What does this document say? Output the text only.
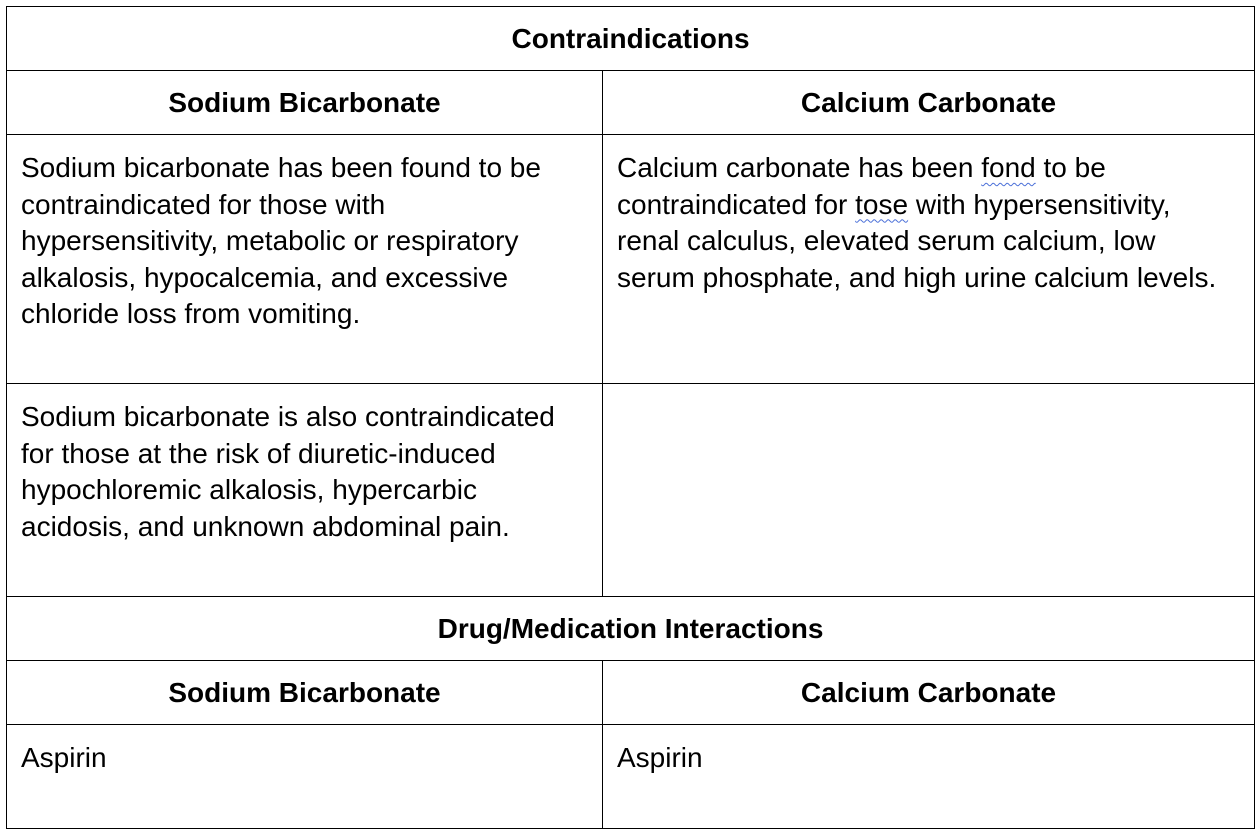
Contraindications	
Sodium Bicarbonate	Calcium Carbonate
Sodium bicarbonate has been found to be contraindicated for those with hypersensitivity, metabolic or respiratory alkalosis, hypocalcemia, and excessive chloride loss from vomiting.	Calcium carbonate has been fond to be contraindicated for tose with hypersensitivity, renal calculus, elevated serum calcium, low serum phosphate, and high urine calcium levels.
Sodium bicarbonate is also contraindicated for those at the risk of diuretic-induced hypochloremic alkalosis, hypercarbic acidosis, and unknown abdominal pain.	
Drug/Medication Interactions	
Sodium Bicarbonate	Calcium Carbonate
Aspirin	Aspirin
